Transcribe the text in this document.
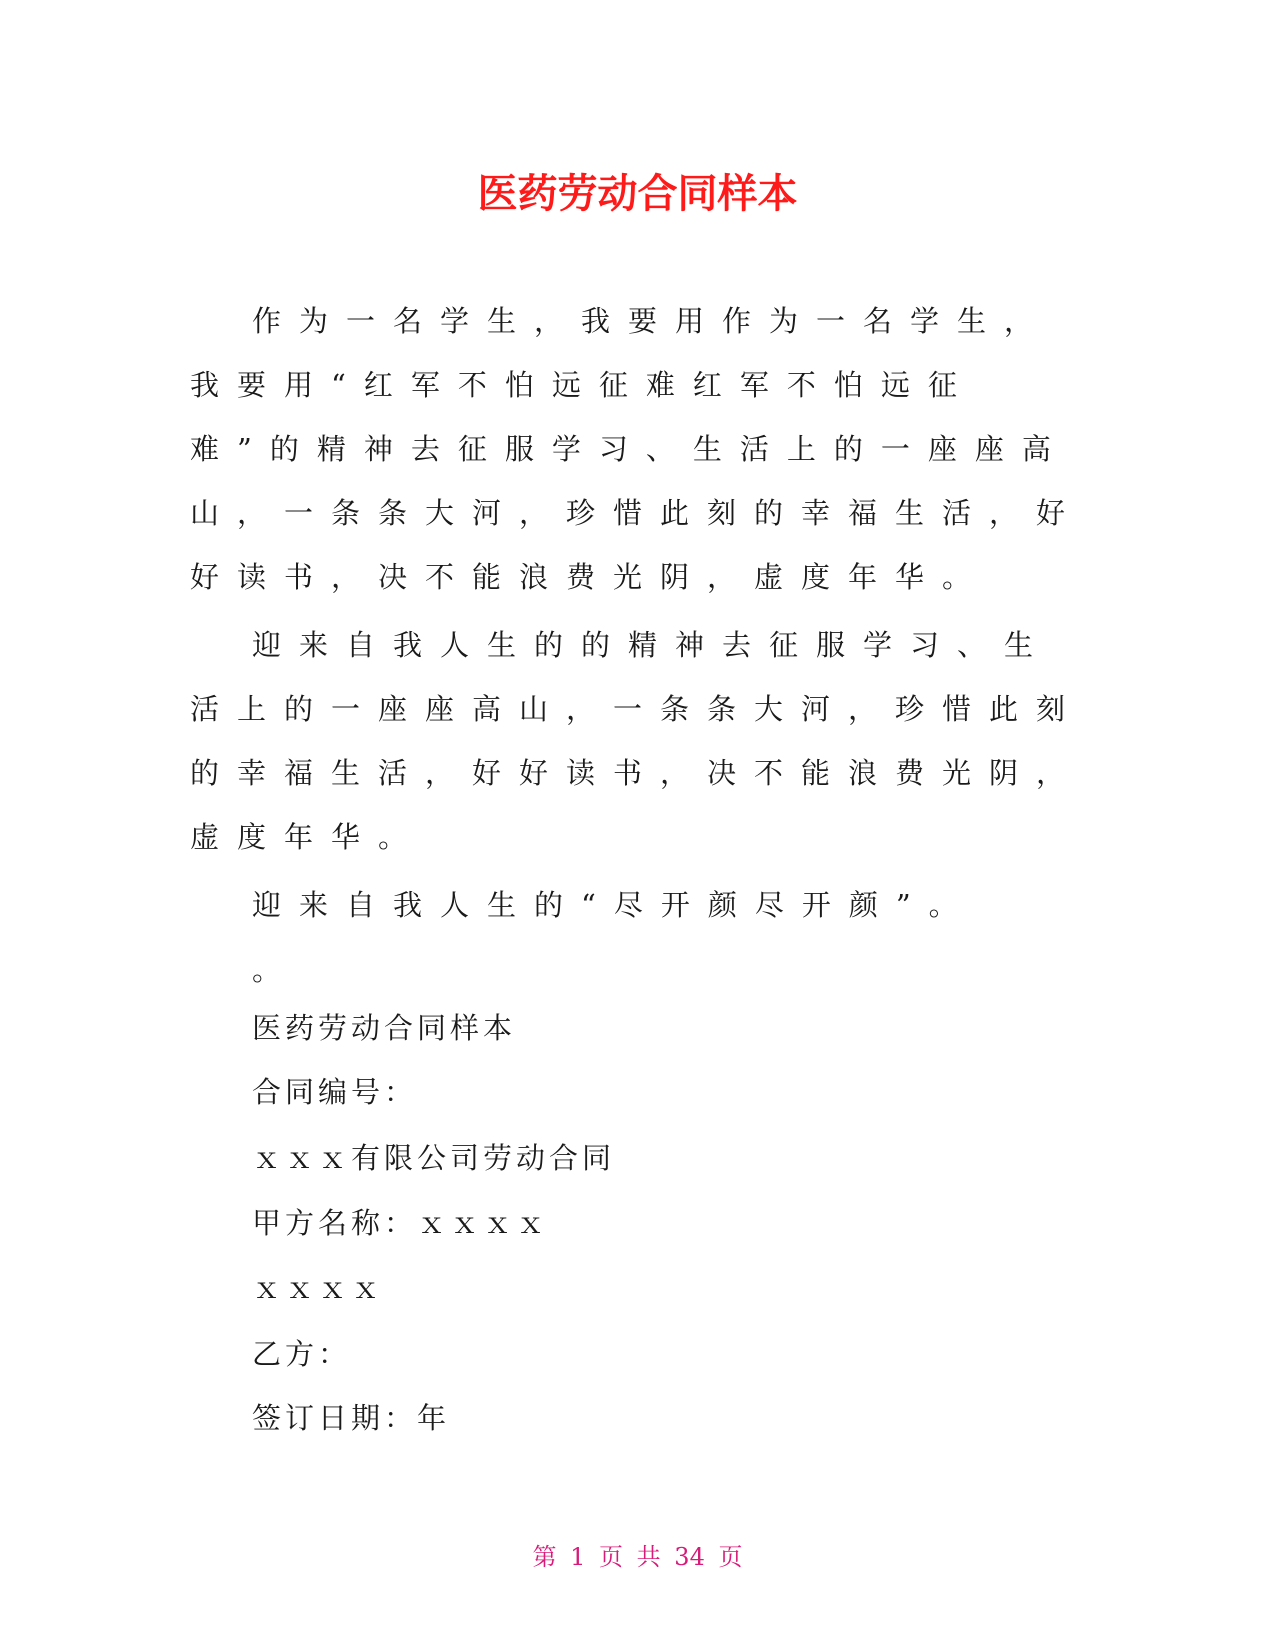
医药劳动合同样本

作为一名学生，我要用作为一名学生，我要用“红军不怕远征难红军不怕远征难”的精神去征服学习、生活上的一座座高山，一条条大河，珍惜此刻的幸福生活，好好读书，决不能浪费光阴，虚度年华。

迎来自我人生的的精神去征服学习、生活上的一座座高山，一条条大河，珍惜此刻的幸福生活，好好读书，决不能浪费光阴，虚度年华。

迎来自我人生的“尽开颜尽开颜”。

。

医药劳动合同样本

合同编号：

ｘｘｘ有限公司劳动合同

甲方名称：ｘｘｘｘ

ｘｘｘｘ

乙方：

签订日期：年

第 1 页 共 34 页
